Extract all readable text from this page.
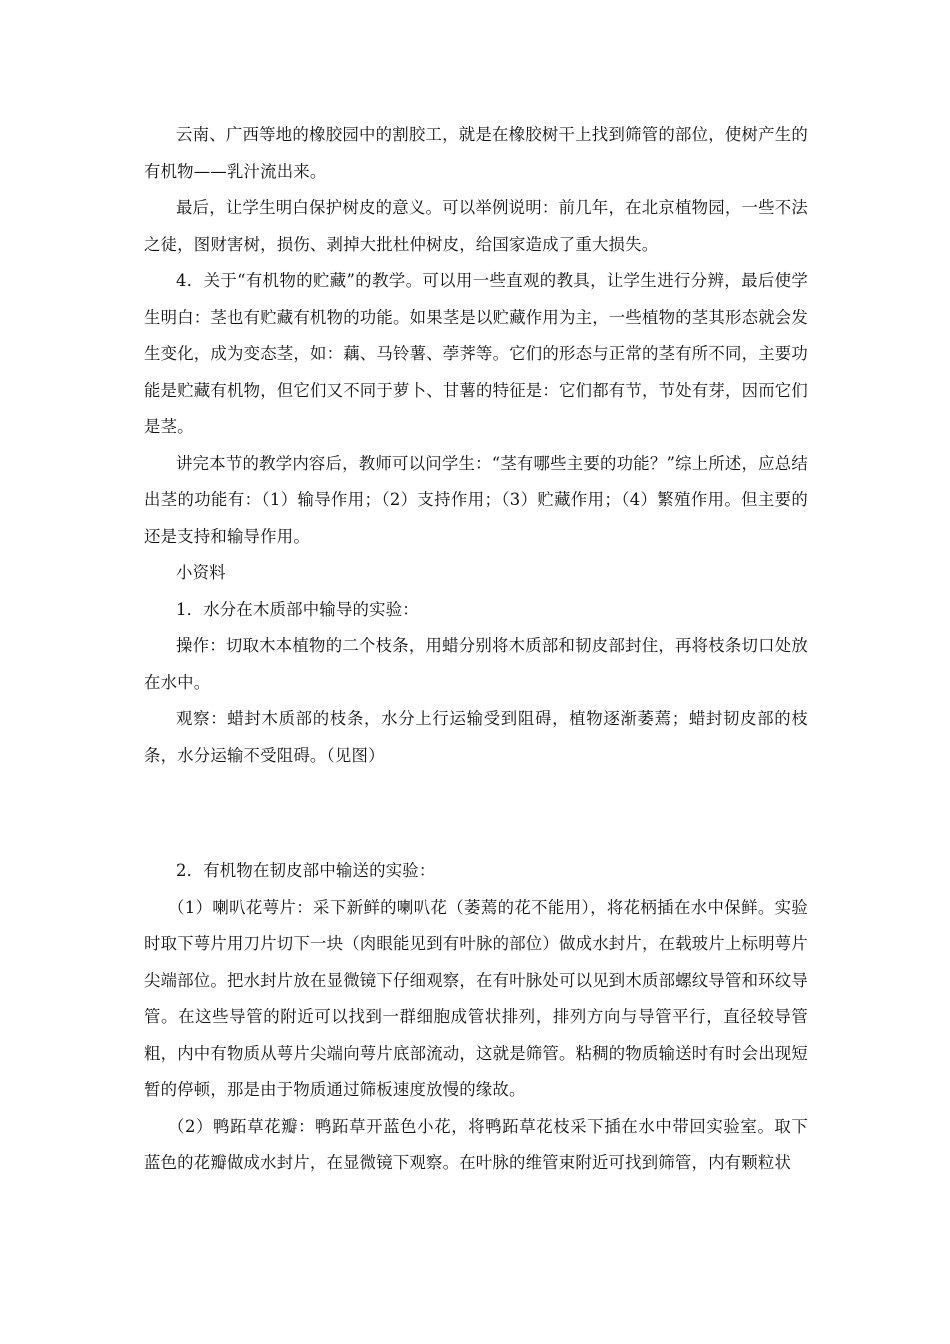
云南、广西等地的橡胶园中的割胶工，就是在橡胶树干上找到筛管的部位，使树产生的有机物——乳汁流出来。

最后，让学生明白保护树皮的意义。可以举例说明：前几年，在北京植物园，一些不法之徒，图财害树，损伤、剥掉大批杜仲树皮，给国家造成了重大损失。

4．关于“有机物的贮藏”的教学。可以用一些直观的教具，让学生进行分辨，最后使学生明白：茎也有贮藏有机物的功能。如果茎是以贮藏作用为主，一些植物的茎其形态就会发生变化，成为变态茎，如：藕、马铃薯、荸荠等。它们的形态与正常的茎有所不同，主要功能是贮藏有机物，但它们又不同于萝卜、甘薯的特征是：它们都有节，节处有芽，因而它们是茎。

讲完本节的教学内容后，教师可以问学生：“茎有哪些主要的功能？”综上所述，应总结出茎的功能有：（1）输导作用；（2）支持作用；（3）贮藏作用；（4）繁殖作用。但主要的还是支持和输导作用。

小资料

1．水分在木质部中输导的实验：

操作：切取木本植物的二个枝条，用蜡分别将木质部和韧皮部封住，再将枝条切口处放在水中。

观察：蜡封木质部的枝条，水分上行运输受到阻碍，植物逐渐萎蔫；蜡封韧皮部的枝条，水分运输不受阻碍。（见图）

2．有机物在韧皮部中输送的实验：

（1）喇叭花萼片：采下新鲜的喇叭花（萎蔫的花不能用），将花柄插在水中保鲜。实验时取下萼片用刀片切下一块（肉眼能见到有叶脉的部位）做成水封片，在载玻片上标明萼片尖端部位。把水封片放在显微镜下仔细观察，在有叶脉处可以见到木质部螺纹导管和环纹导管。在这些导管的附近可以找到一群细胞成管状排列，排列方向与导管平行，直径较导管粗，内中有物质从萼片尖端向萼片底部流动，这就是筛管。粘稠的物质输送时有时会出现短暂的停顿，那是由于物质通过筛板速度放慢的缘故。

（2）鸭跖草花瓣：鸭跖草开蓝色小花，将鸭跖草花枝采下插在水中带回实验室。取下蓝色的花瓣做成水封片，在显微镜下观察。在叶脉的维管束附近可找到筛管，内有颗粒状
